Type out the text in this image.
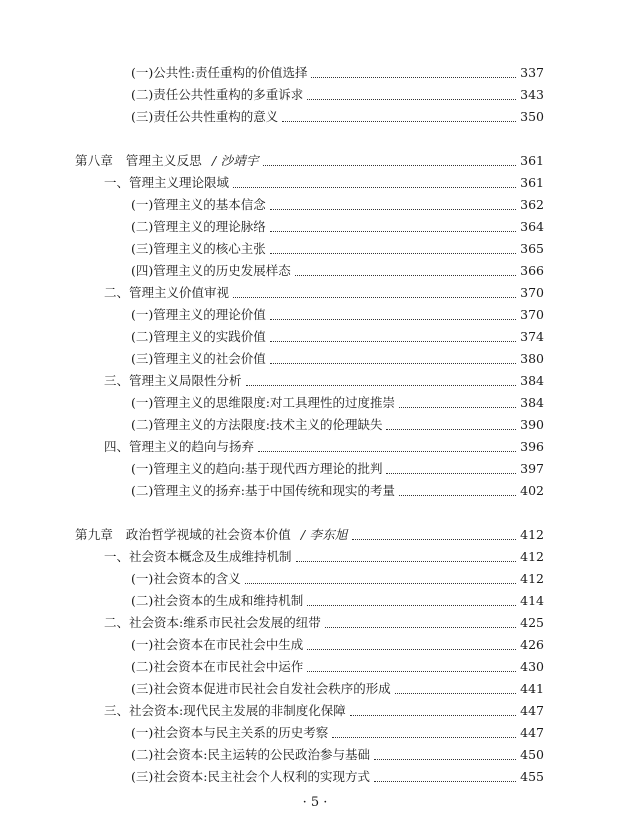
(一)公共性:责任重构的价值选择	337
(二)责任公共性重构的多重诉求	343
(三)责任公共性重构的意义	350
第八章　管理主义反思 / 沙靖宇	361
一、管理主义理论限域	361
(一)管理主义的基本信念	362
(二)管理主义的理论脉络	364
(三)管理主义的核心主张	365
(四)管理主义的历史发展样态	366
二、管理主义价值审视	370
(一)管理主义的理论价值	370
(二)管理主义的实践价值	374
(三)管理主义的社会价值	380
三、管理主义局限性分析	384
(一)管理主义的思维限度:对工具理性的过度推崇	384
(二)管理主义的方法限度:技术主义的伦理缺失	390
四、管理主义的趋向与扬弃	396
(一)管理主义的趋向:基于现代西方理论的批判	397
(二)管理主义的扬弃:基于中国传统和现实的考量	402
第九章　政治哲学视域的社会资本价值 / 李东旭	412
一、社会资本概念及生成维持机制	412
(一)社会资本的含义	412
(二)社会资本的生成和维持机制	414
二、社会资本:维系市民社会发展的纽带	425
(一)社会资本在市民社会中生成	426
(二)社会资本在市民社会中运作	430
(三)社会资本促进市民社会自发社会秩序的形成	441
三、社会资本:现代民主发展的非制度化保障	447
(一)社会资本与民主关系的历史考察	447
(二)社会资本:民主运转的公民政治参与基础	450
(三)社会资本:民主社会个人权利的实现方式	455
· 5 ·
